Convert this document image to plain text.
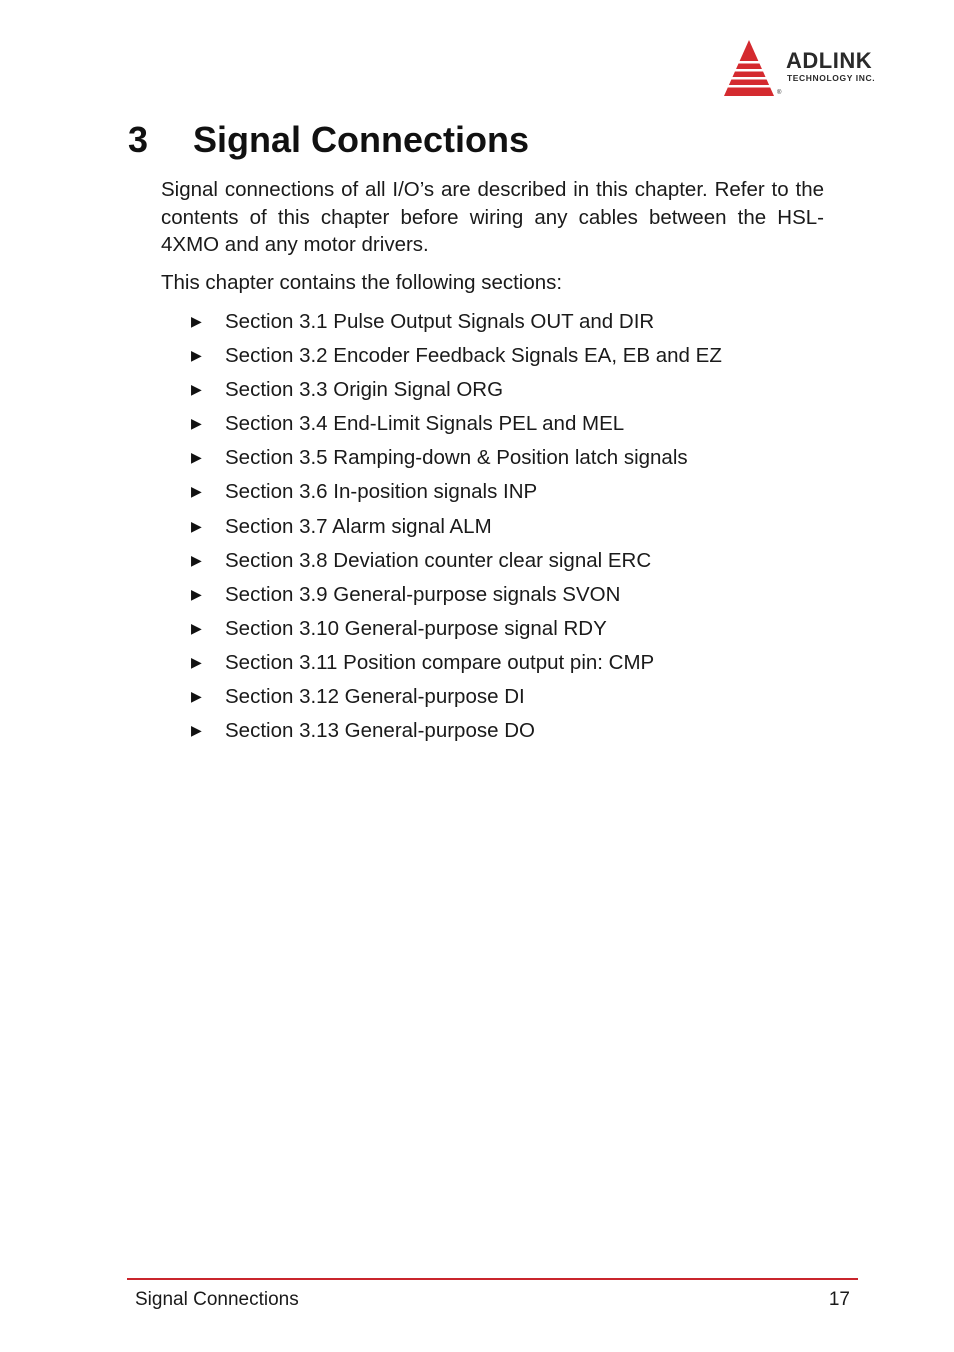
ADLINK
TECHNOLOGY INC.
®
3 Signal Connections

Signal connections of all I/O’s are described in this chapter. Refer to the contents of this chapter before wiring any cables between the HSL-4XMO and any motor drivers.

This chapter contains the following sections:

▶	Section 3.1 Pulse Output Signals OUT and DIR
▶	Section 3.2 Encoder Feedback Signals EA, EB and EZ
▶	Section 3.3 Origin Signal ORG
▶	Section 3.4 End-Limit Signals PEL and MEL
▶	Section 3.5 Ramping-down & Position latch signals
▶	Section 3.6 In-position signals INP
▶	Section 3.7 Alarm signal ALM
▶	Section 3.8 Deviation counter clear signal ERC
▶	Section 3.9 General-purpose signals SVON
▶	Section 3.10 General-purpose signal RDY
▶	Section 3.11 Position compare output pin: CMP
▶	Section 3.12 General-purpose DI
▶	Section 3.13 General-purpose DO
Signal Connections	17
